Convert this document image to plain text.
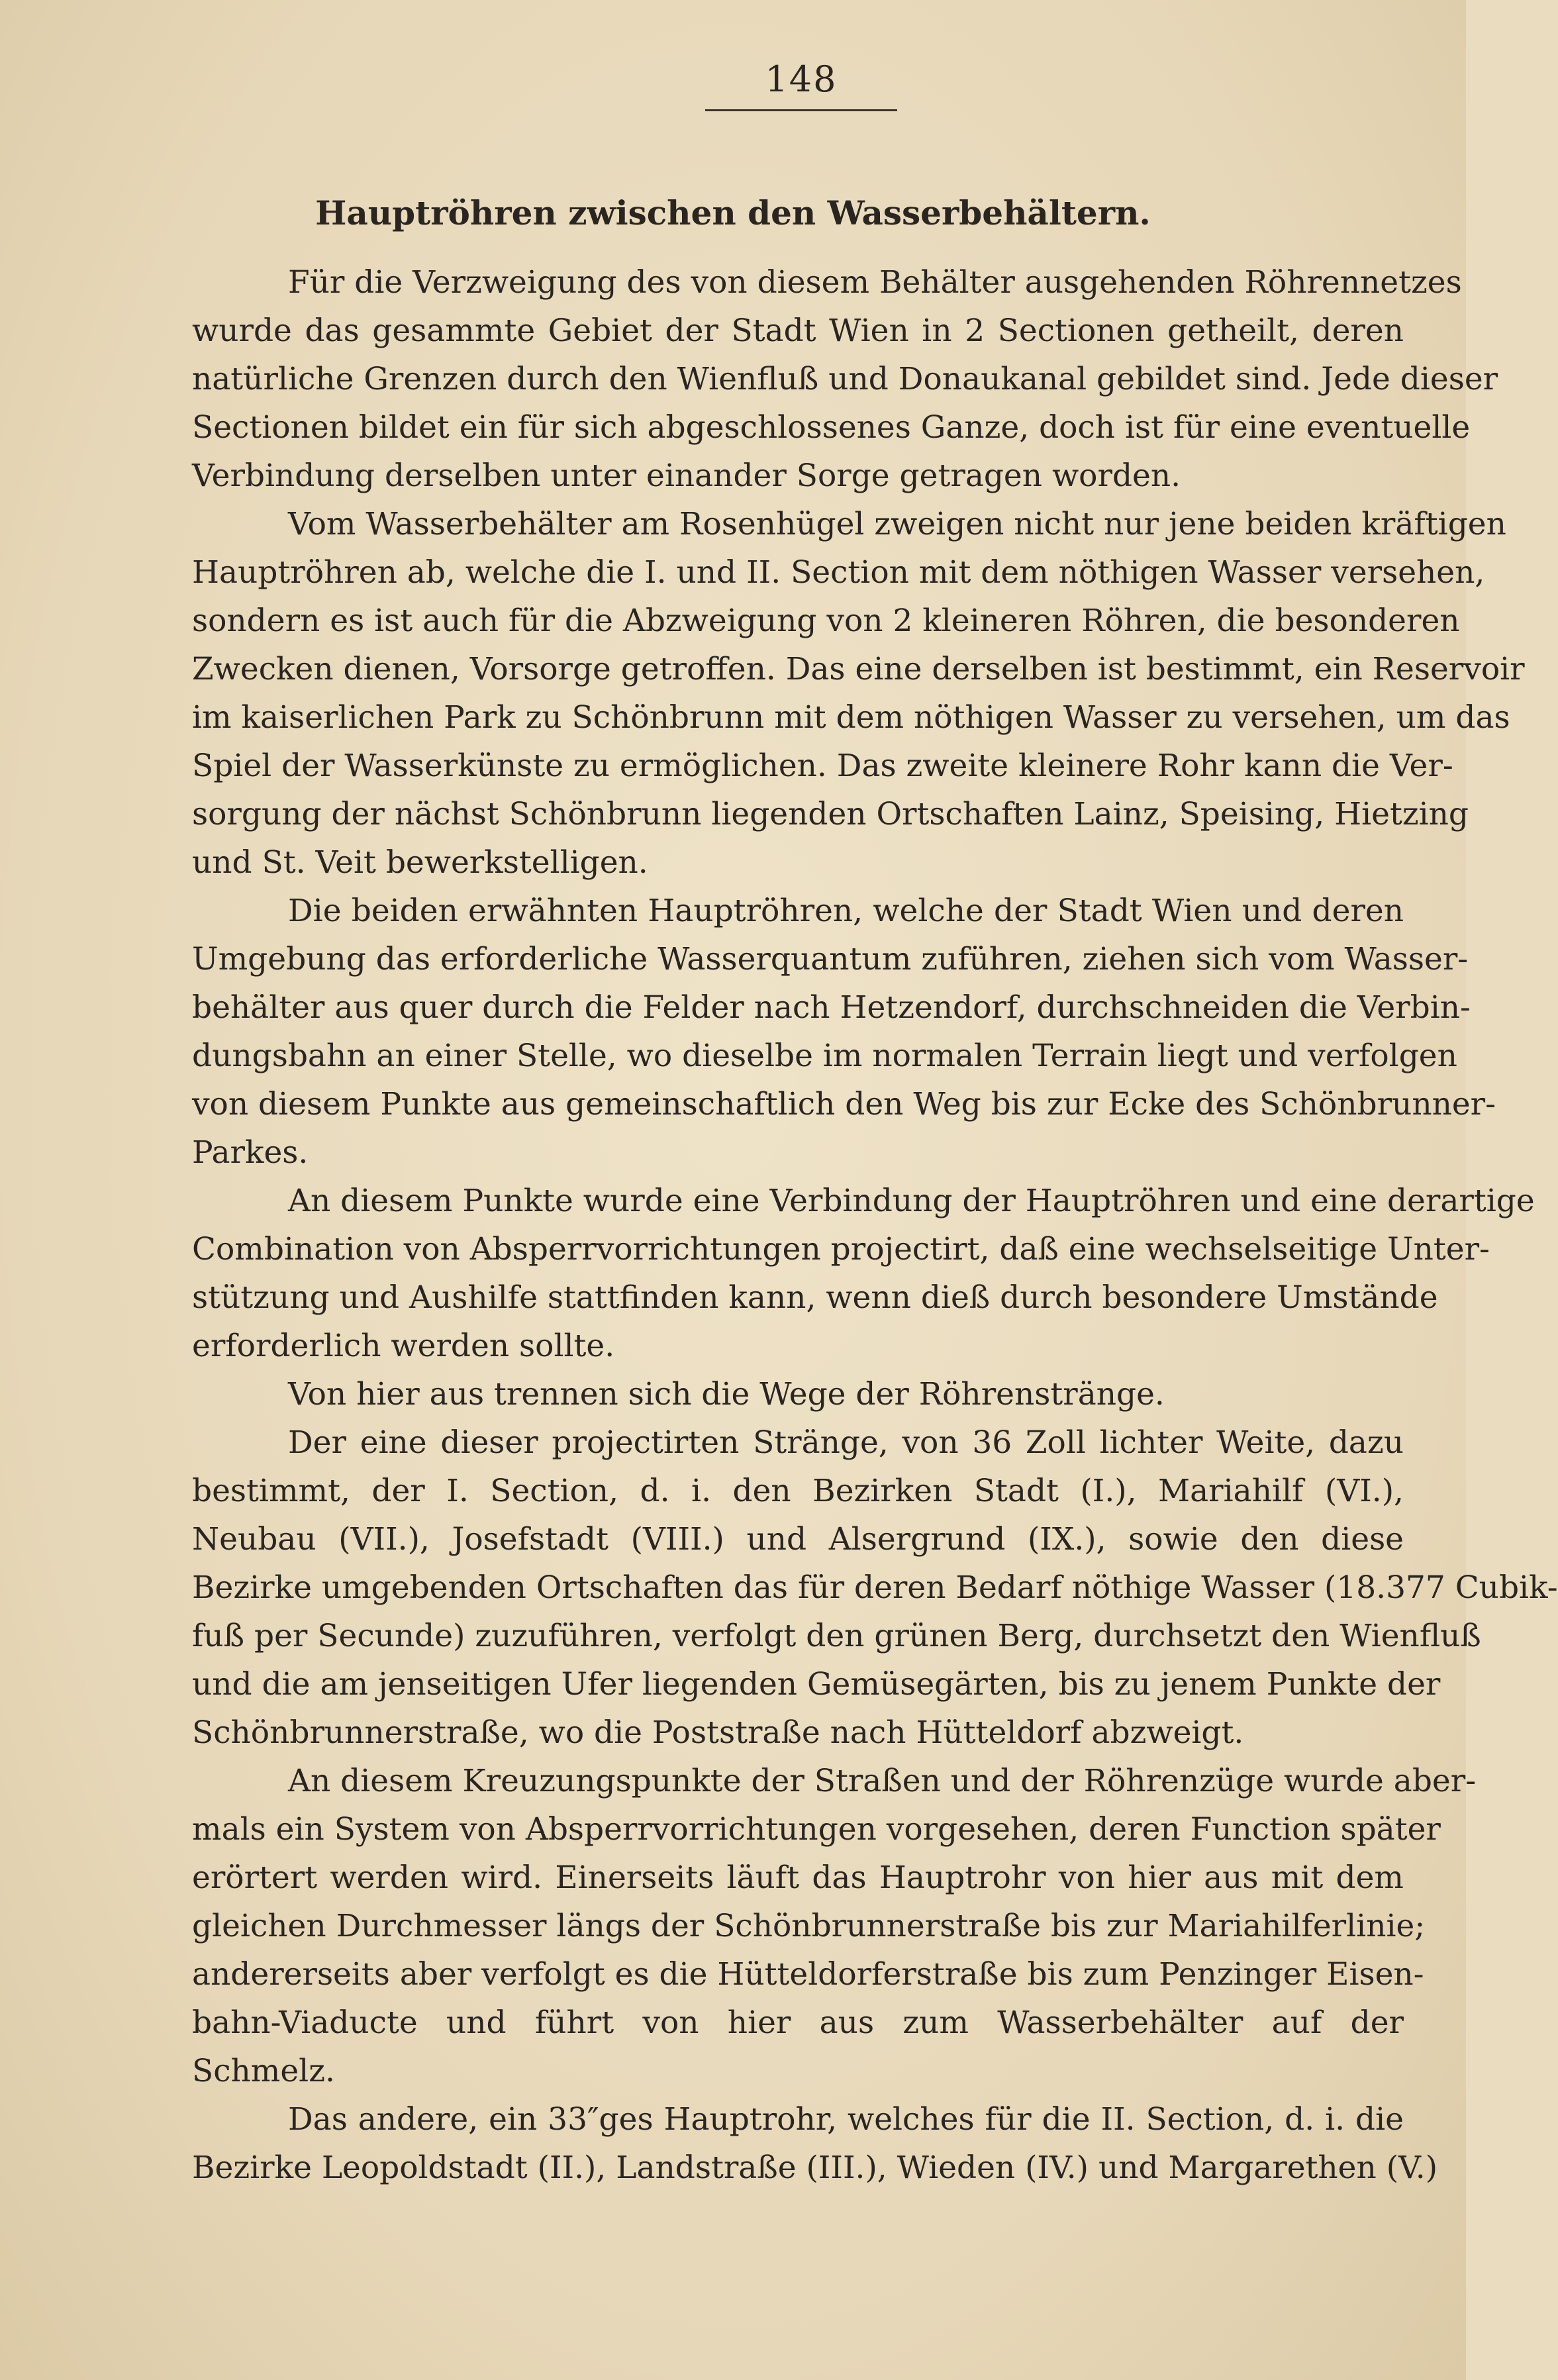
148
Hauptröhren zwischen den Wasserbehältern.
Für die Verzweigung des von diesem Behälter ausgehenden Röhrennetzes
wurde das gesammte Gebiet der Stadt Wien in 2 Sectionen getheilt, deren
natürliche Grenzen durch den Wienfluß und Donaukanal gebildet sind. Jede dieser
Sectionen bildet ein für sich abgeschlossenes Ganze, doch ist für eine eventuelle
Verbindung derselben unter einander Sorge getragen worden.
Vom Wasserbehälter am Rosenhügel zweigen nicht nur jene beiden kräftigen
Hauptröhren ab, welche die I. und II. Section mit dem nöthigen Wasser versehen,
sondern es ist auch für die Abzweigung von 2 kleineren Röhren, die besonderen
Zwecken dienen, Vorsorge getroffen. Das eine derselben ist bestimmt, ein Reservoir
im kaiserlichen Park zu Schönbrunn mit dem nöthigen Wasser zu versehen, um das
Spiel der Wasserkünste zu ermöglichen. Das zweite kleinere Rohr kann die Ver-
sorgung der nächst Schönbrunn liegenden Ortschaften Lainz, Speising, Hietzing
und St. Veit bewerkstelligen.
Die beiden erwähnten Hauptröhren, welche der Stadt Wien und deren
Umgebung das erforderliche Wasserquantum zuführen, ziehen sich vom Wasser-
behälter aus quer durch die Felder nach Hetzendorf, durchschneiden die Verbin-
dungsbahn an einer Stelle, wo dieselbe im normalen Terrain liegt und verfolgen
von diesem Punkte aus gemeinschaftlich den Weg bis zur Ecke des Schönbrunner-
Parkes.
An diesem Punkte wurde eine Verbindung der Hauptröhren und eine derartige
Combination von Absperrvorrichtungen projectirt, daß eine wechselseitige Unter-
stützung und Aushilfe stattfinden kann, wenn dieß durch besondere Umstände
erforderlich werden sollte.
Von hier aus trennen sich die Wege der Röhrenstränge.
Der eine dieser projectirten Stränge, von 36 Zoll lichter Weite, dazu
bestimmt, der I. Section, d. i. den Bezirken Stadt (I.), Mariahilf (VI.),
Neubau (VII.), Josefstadt (VIII.) und Alsergrund (IX.), sowie den diese
Bezirke umgebenden Ortschaften das für deren Bedarf nöthige Wasser (18.377 Cubik-
fuß per Secunde) zuzuführen, verfolgt den grünen Berg, durchsetzt den Wienfluß
und die am jenseitigen Ufer liegenden Gemüsegärten, bis zu jenem Punkte der
Schönbrunnerstraße, wo die Poststraße nach Hütteldorf abzweigt.
An diesem Kreuzungspunkte der Straßen und der Röhrenzüge wurde aber-
mals ein System von Absperrvorrichtungen vorgesehen, deren Function später
erörtert werden wird. Einerseits läuft das Hauptrohr von hier aus mit dem
gleichen Durchmesser längs der Schönbrunnerstraße bis zur Mariahilferlinie;
andererseits aber verfolgt es die Hütteldorferstraße bis zum Penzinger Eisen-
bahn-Viaducte und führt von hier aus zum Wasserbehälter auf der
Schmelz.
Das andere, ein 33″ges Hauptrohr, welches für die II. Section, d. i. die
Bezirke Leopoldstadt (II.), Landstraße (III.), Wieden (IV.) und Margarethen (V.)
